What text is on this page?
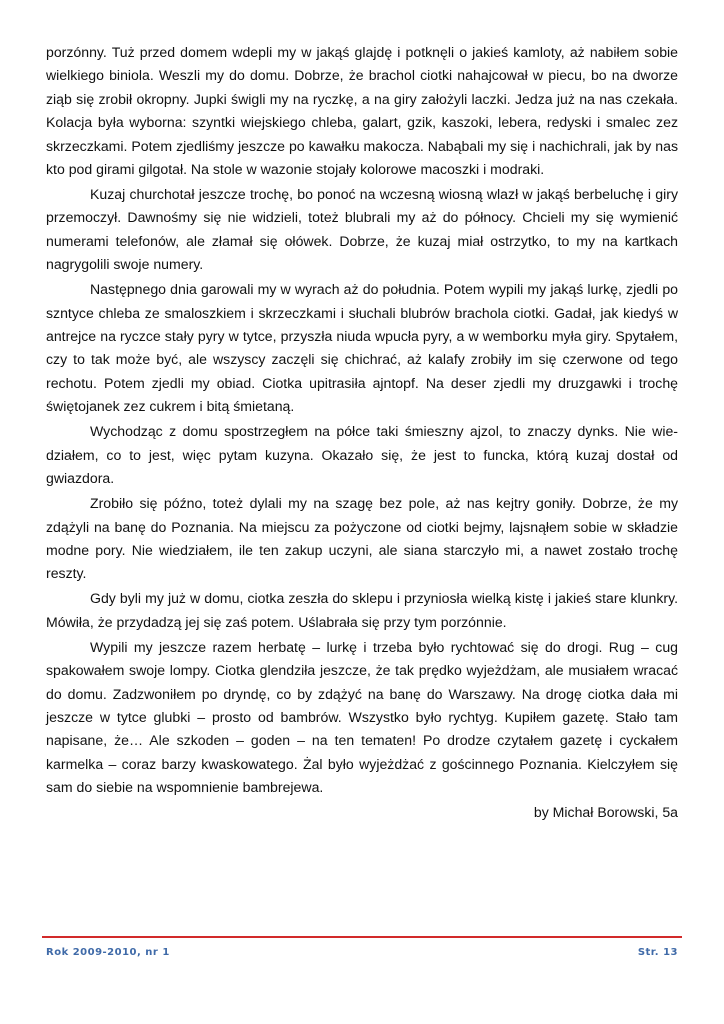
porzónny. Tuż przed domem wdepli my w jakąś glajdę i potknęli o jakieś kamloty, aż nabiłem sobie wielkiego biniola. Weszli my do domu. Dobrze, że brachol ciotki nahajcował w piecu, bo na dworze ziąb się zrobił okropny. Jupki świgli my na ryczkę, a na giry założyli laczki. Jedza już na nas czekała. Kolacja była wyborna: szyntki wiejskiego chleba, galart, gzik, kaszoki, lebera, redyski i smalec zez skrzeczkami. Potem zjedliśmy jeszcze po kawałku makocza. Nabąbali my się i nachichrali, jak by nas kto pod girami gilgotał. Na stole w wazonie stojały kolorowe macoszki i modraki.

Kuzaj churchotał jeszcze trochę, bo ponoć na wczesną wiosną wlazł w jakąś berbeluchę i giry przemoczył. Dawnośmy się nie widzieli, toteż blubrali my aż do północy. Chcieli my się wymienić numerami telefonów, ale złamał się ołówek. Dobrze, że kuzaj miał ostrzytko, to my na kartkach nagrygolili swoje numery.

Następnego dnia garowali my w wyrach aż do południa. Potem wypili my jakąś lurkę, zjedli po szntyce chleba ze smaloszkiem i skrzeczkami i słuchali blubrów brachola ciotki. Gadał, jak kiedyś w antrejce na ryczce stały pyry w tytce, przyszła niuda wpucła pyry, a w wemborku myła giry. Spytałem, czy to tak może być, ale wszyscy zaczęli się chichrać, aż kalafy zrobiły im się czerwone od tego rechotu. Potem zjedli my obiad. Ciotka upitrasiła ajntopf. Na deser zjedli my druzgawki i trochę świętojanek zez cukrem i bitą śmietaną.

Wychodząc z domu spostrzegłem na półce taki śmieszny ajzol, to znaczy dynks. Nie wiedziałem, co to jest, więc pytam kuzyna. Okazało się, że jest to funcka, którą kuzaj dostał od gwiazdora.

Zrobiło się późno, toteż dylali my na szagę bez pole, aż nas kejtry goniły. Dobrze, że my zdążyli na banę do Poznania. Na miejscu za pożyczone od ciotki bejmy, lajsnąłem sobie w składzie modne pory. Nie wiedziałem, ile ten zakup uczyni, ale siana starczyło mi, a nawet zostało trochę reszty.

Gdy byli my już w domu, ciotka zeszła do sklepu i przyniosła wielką kistę i jakieś stare klunkry. Mówiła, że przydadzą jej się zaś potem. Uślabrała się przy tym porzónnie.

Wypili my jeszcze razem herbatę – lurkę i trzeba było rychtować się do drogi. Rug – cug spakowałem swoje lompy. Ciotka glendziła jeszcze, że tak prędko wyjeżdżam, ale musiałem wracać do domu. Zadzwoniłem po dryndę, co by zdążyć na banę do Warszawy. Na drogę ciotka dała mi jeszcze w tytce glubki – prosto od bambrów. Wszystko było rychtyg. Kupiłem gazetę. Stało tam napisane, że… Ale szkoden – goden – na ten tematen! Po drodze czytałem gazetę i cyckałem karmelka – coraz barzy kwaskowatego. Żal było wyjeżdżać z gościnnego Poznania. Kielczyłem się sam do siebie na wspomnienie bambrejewa.

by Michał Borowski, 5a
Rok 2009-2010, nr 1	Str. 13
